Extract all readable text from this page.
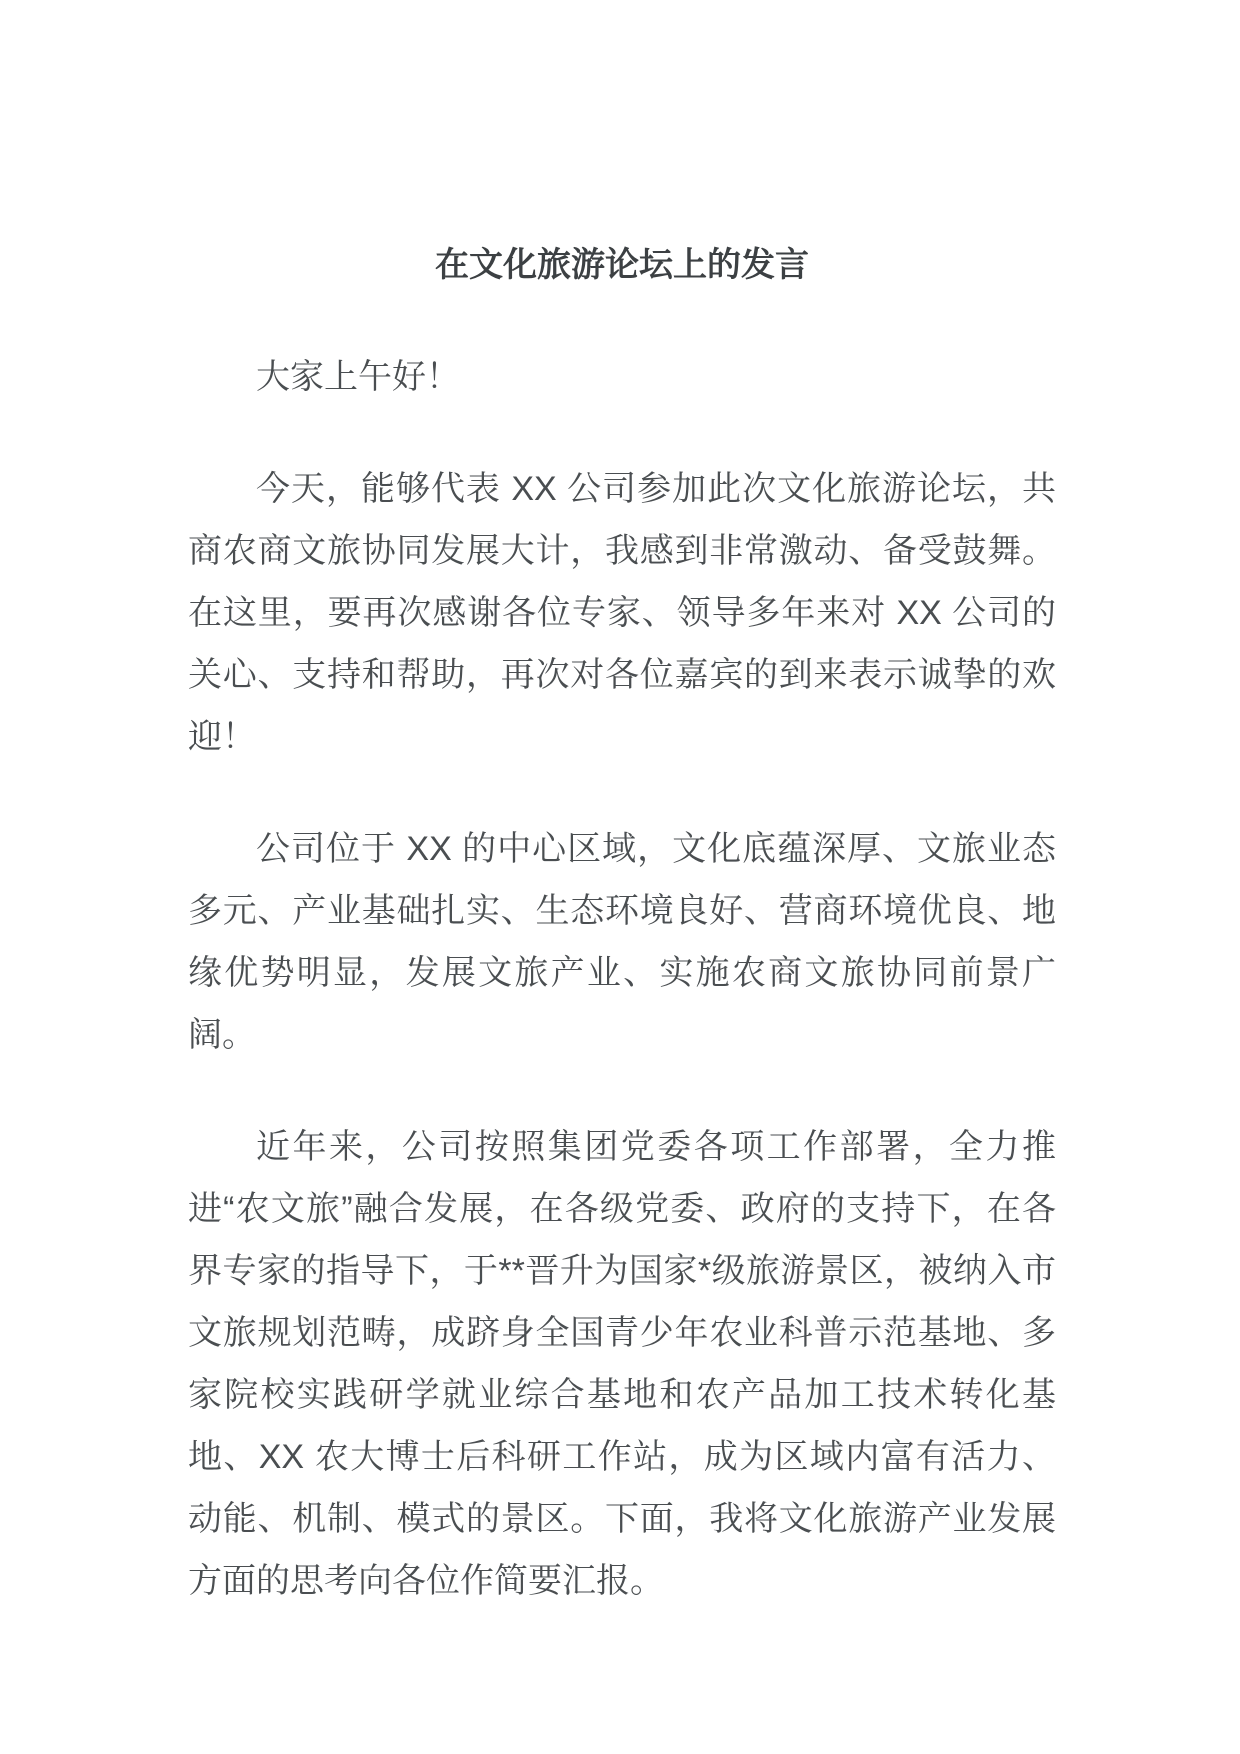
在文化旅游论坛上的发言

大家上午好！

今天，能够代表 XX 公司参加此次文化旅游论坛，共商农商文旅协同发展大计，我感到非常激动、备受鼓舞。在这里，要再次感谢各位专家、领导多年来对 XX 公司的关心、支持和帮助，再次对各位嘉宾的到来表示诚挚的欢迎！

公司位于 XX 的中心区域，文化底蕴深厚、文旅业态多元、产业基础扎实、生态环境良好、营商环境优良、地缘优势明显，发展文旅产业、实施农商文旅协同前景广阔。

近年来，公司按照集团党委各项工作部署，全力推进“农文旅”融合发展，在各级党委、政府的支持下，在各界专家的指导下，于**晋升为国家*级旅游景区，被纳入市文旅规划范畴，成跻身全国青少年农业科普示范基地、多家院校实践研学就业综合基地和农产品加工技术转化基地、XX 农大博士后科研工作站，成为区域内富有活力、动能、机制、模式的景区。下面，我将文化旅游产业发展方面的思考向各位作简要汇报。
